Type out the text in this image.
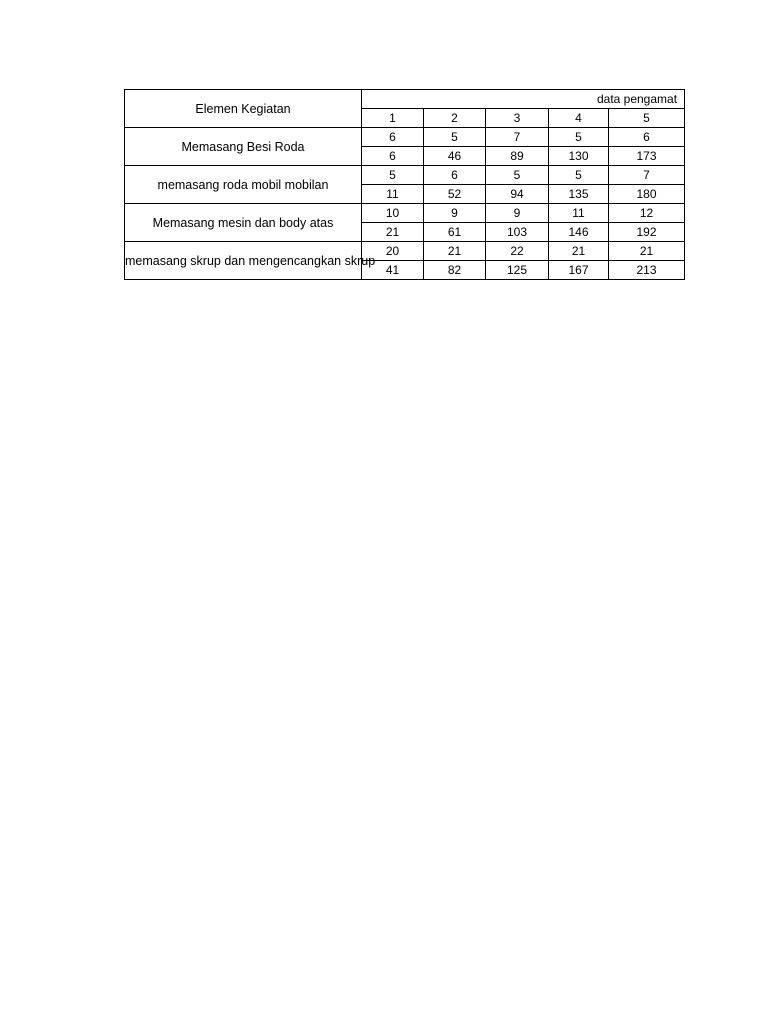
Elemen Kegiatan	data pengamat				
	1	2	3	4	5
Memasang Besi Roda	6	5	7	5	6
	6	46	89	130	173
memasang roda mobil mobilan	5	6	5	5	7
	11	52	94	135	180
Memasang mesin dan body atas	10	9	9	11	12
	21	61	103	146	192
memasang skrup dan mengencangkan skrup	20	21	22	21	21
	41	82	125	167	213
